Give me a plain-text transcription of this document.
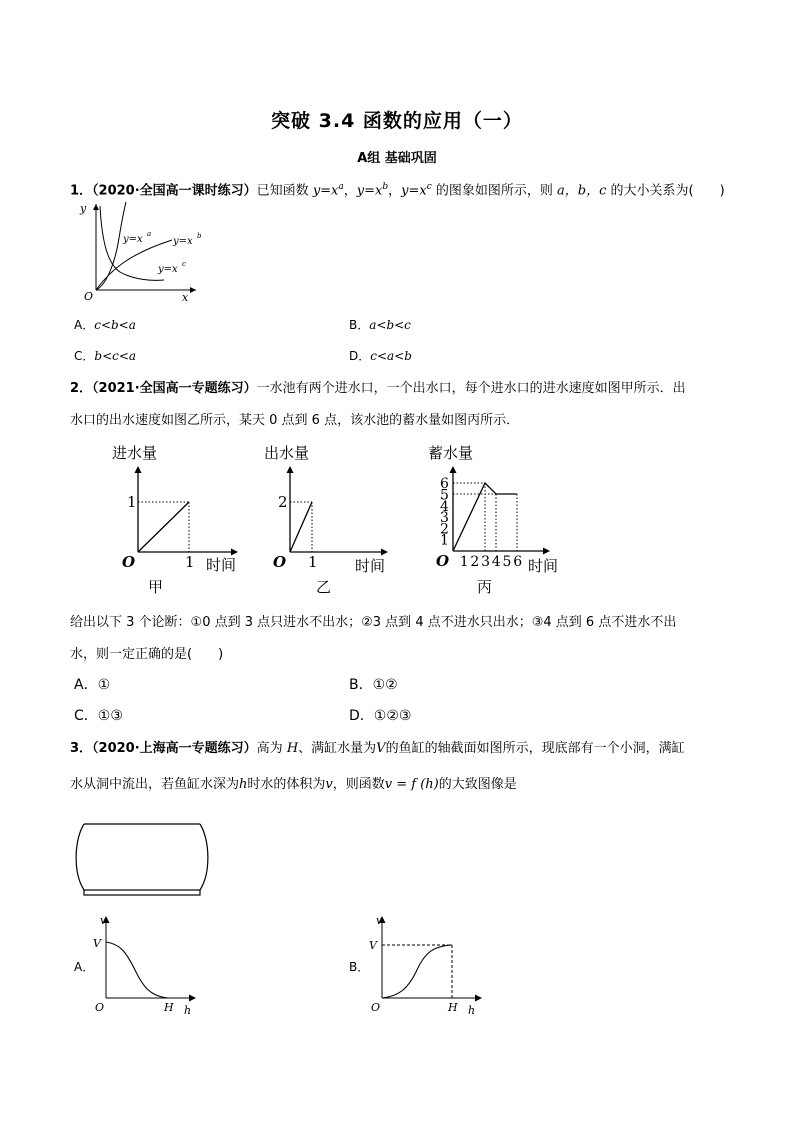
突破 3.4 函数的应用（一）
A组 基础巩固
1．（2020·全国高一课时练习）已知函数 $y=x^a$，$y=x^b$，$y=x^c$ 的图象如图所示，则 a，b，c 的大小关系为(　　)
y
x
O
y=x a
y=x b
y=x c
A．c<b<a	B．a<b<c
C．b<c<a	D．c<a<b
2．（2021·全国高一专题练习）一水池有两个进水口，一个出水口，每个进水口的进水速度如图甲所示．出
水口的出水速度如图乙所示，某天 0 点到 6 点，该水池的蓄水量如图丙所示．
进水量
1
1
O	时间
甲
出水量
2
1
O	时间
乙
蓄水量
1
2
3
4
5
6
1 2 3 4 5 6
O	时间
丙
给出以下 3 个论断：①0 点到 3 点只进水不出水；②3 点到 4 点不进水只出水；③4 点到 6 点不进水不出
水，则一定正确的是(　　)
A．①	B．①②
C．①③	D．①②③
3．（2020·上海高一专题练习）高为 H、满缸水量为V的鱼缸的轴截面如图所示，现底部有一个小洞，满缸
水从洞中流出，若鱼缸水深为h时水的体积为v，则函数v = f (h)的大致图像是
A．
v
V
O	H h
B．
v
V
O	H h
